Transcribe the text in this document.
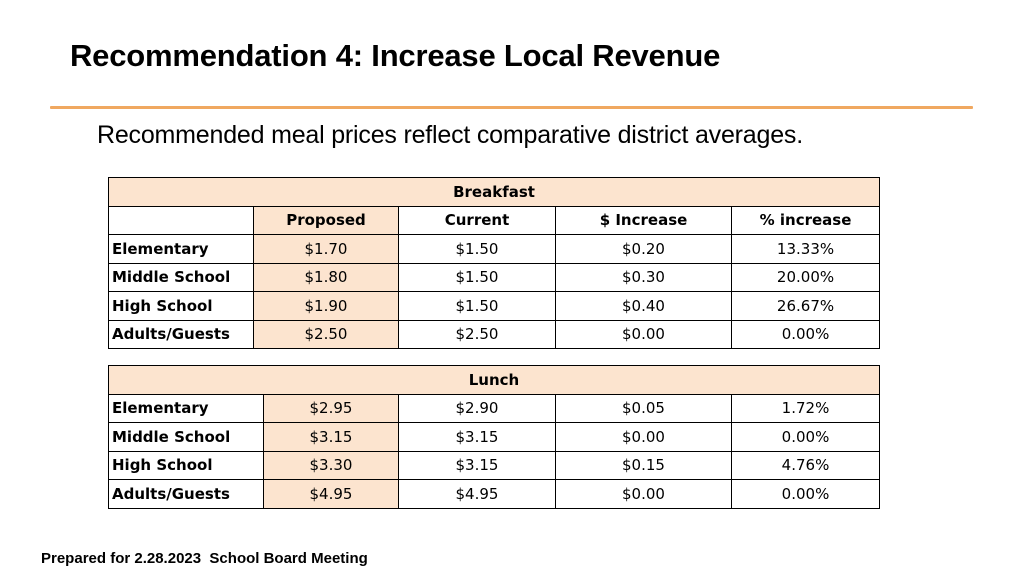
Recommendation 4: Increase Local Revenue
Recommended meal prices reflect comparative district averages.
Breakfast				
	Proposed	Current	$ Increase	% increase
Elementary	$1.70	$1.50	$0.20	13.33%
Middle School	$1.80	$1.50	$0.30	20.00%
High School	$1.90	$1.50	$0.40	26.67%
Adults/Guests	$2.50	$2.50	$0.00	0.00%
Lunch				
Elementary	$2.95	$2.90	$0.05	1.72%
Middle School	$3.15	$3.15	$0.00	0.00%
High School	$3.30	$3.15	$0.15	4.76%
Adults/Guests	$4.95	$4.95	$0.00	0.00%
Prepared for 2.28.2023  School Board Meeting
